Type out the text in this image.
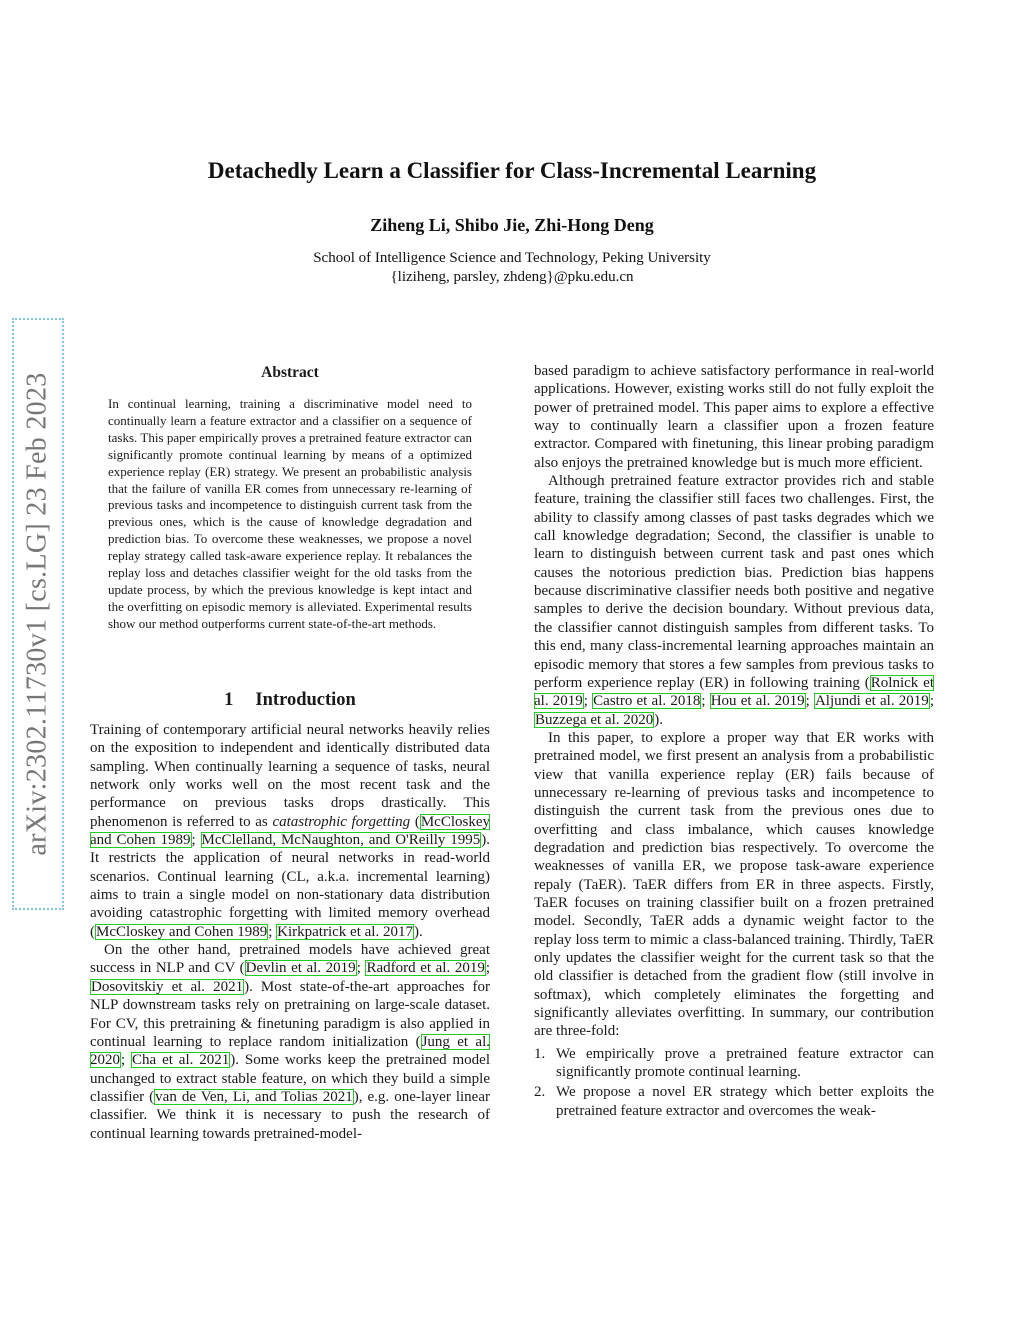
arXiv:2302.11730v1 [cs.LG] 23 Feb 2023
Detachedly Learn a Classifier for Class-Incremental Learning
Ziheng Li, Shibo Jie, Zhi-Hong Deng
School of Intelligence Science and Technology, Peking University
{liziheng, parsley, zhdeng}@pku.edu.cn
Abstract

In continual learning, training a discriminative model need to continually learn a feature extractor and a classifier on a sequence of tasks. This paper empirically proves a pretrained feature extractor can significantly promote continual learning by means of a optimized experience replay (ER) strategy. We present an probabilistic analysis that the failure of vanilla ER comes from unnecessary re-learning of previous tasks and incompetence to distinguish current task from the previous ones, which is the cause of knowledge degradation and prediction bias. To overcome these weaknesses, we propose a novel replay strategy called task-aware experience replay. It rebalances the replay loss and detaches classifier weight for the old tasks from the update process, by which the previous knowledge is kept intact and the overfitting on episodic memory is alleviated. Experimental results show our method outperforms current state-of-the-art methods.

1 Introduction

Training of contemporary artificial neural networks heavily relies on the exposition to independent and identically distributed data sampling. When continually learning a sequence of tasks, neural network only works well on the most recent task and the performance on previous tasks drops drastically. This phenomenon is referred to as catastrophic forgetting (McCloskey and Cohen 1989; McClelland, McNaughton, and O'Reilly 1995). It restricts the application of neural networks in read-world scenarios. Continual learning (CL, a.k.a. incremental learning) aims to train a single model on non-stationary data distribution avoiding catastrophic forgetting with limited memory overhead (McCloskey and Cohen 1989; Kirkpatrick et al. 2017).

On the other hand, pretrained models have achieved great success in NLP and CV (Devlin et al. 2019; Radford et al. 2019; Dosovitskiy et al. 2021). Most state-of-the-art approaches for NLP downstream tasks rely on pretraining on large-scale dataset. For CV, this pretraining & finetuning paradigm is also applied in continual learning to replace random initialization (Jung et al. 2020; Cha et al. 2021). Some works keep the pretrained model unchanged to extract stable feature, on which they build a simple classifier (van de Ven, Li, and Tolias 2021), e.g. one-layer linear classifier. We think it is necessary to push the research of continual learning towards pretrained-model-

based paradigm to achieve satisfactory performance in real-world applications. However, existing works still do not fully exploit the power of pretrained model. This paper aims to explore a effective way to continually learn a classifier upon a frozen feature extractor. Compared with finetuning, this linear probing paradigm also enjoys the pretrained knowledge but is much more efficient.

Although pretrained feature extractor provides rich and stable feature, training the classifier still faces two challenges. First, the ability to classify among classes of past tasks degrades which we call knowledge degradation; Second, the classifier is unable to learn to distinguish between current task and past ones which causes the notorious prediction bias. Prediction bias happens because discriminative classifier needs both positive and negative samples to derive the decision boundary. Without previous data, the classifier cannot distinguish samples from different tasks. To this end, many class-incremental learning approaches maintain an episodic memory that stores a few samples from previous tasks to perform experience replay (ER) in following training (Rolnick et al. 2019; Castro et al. 2018; Hou et al. 2019; Aljundi et al. 2019; Buzzega et al. 2020).

In this paper, to explore a proper way that ER works with pretrained model, we first present an analysis from a probabilistic view that vanilla experience replay (ER) fails because of unnecessary re-learning of previous tasks and incompetence to distinguish the current task from the previous ones due to overfitting and class imbalance, which causes knowledge degradation and prediction bias respectively. To overcome the weaknesses of vanilla ER, we propose task-aware experience repaly (TaER). TaER differs from ER in three aspects. Firstly, TaER focuses on training classifier built on a frozen pretrained model. Secondly, TaER adds a dynamic weight factor to the replay loss term to mimic a class-balanced training. Thirdly, TaER only updates the classifier weight for the current task so that the old classifier is detached from the gradient flow (still involve in softmax), which completely eliminates the forgetting and significantly alleviates overfitting. In summary, our contribution are three-fold:

1. We empirically prove a pretrained feature extractor can significantly promote continual learning.
2. We propose a novel ER strategy which better exploits the pretrained feature extractor and overcomes the weak-
